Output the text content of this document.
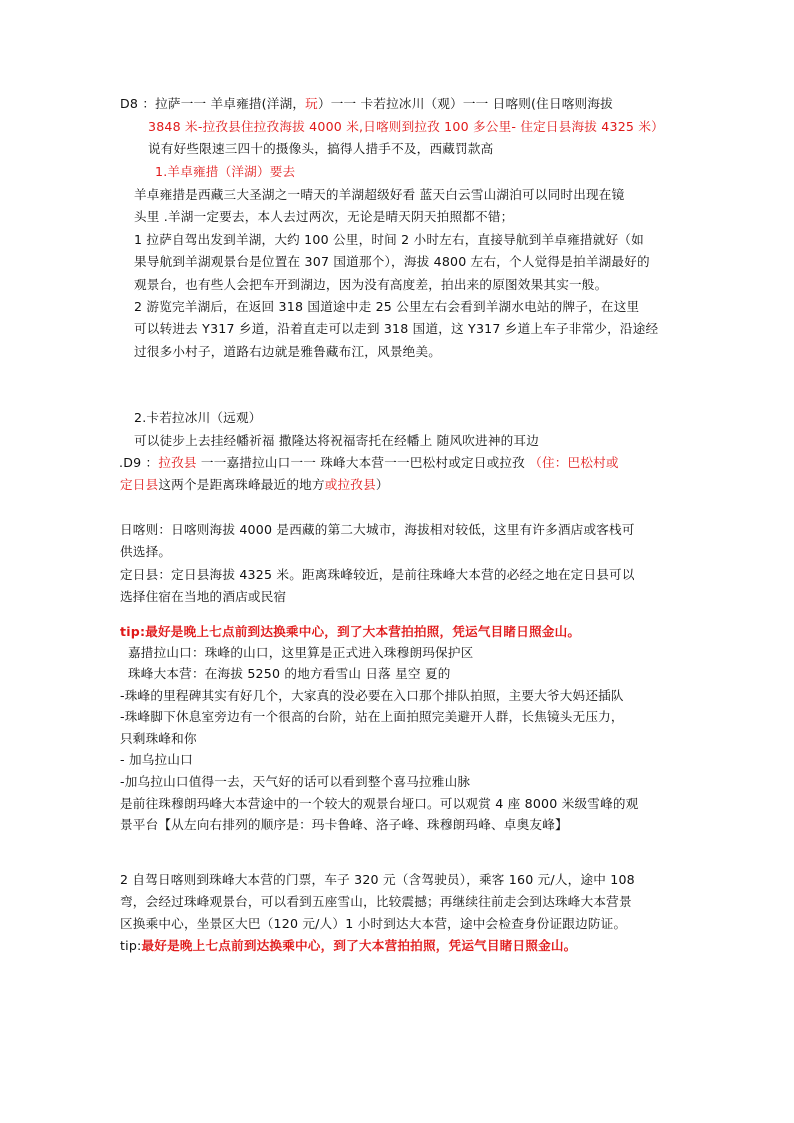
D8 ：拉萨一一 羊卓雍措(洋湖，玩）一一 卡若拉冰川（观）一一 日喀则(住日喀则海拔
3848 米-拉孜县住拉孜海拔 4000 米,日喀则到拉孜 100 多公里- 住定日县海拔 4325 米）
说有好些限速三四十的摄像头，搞得人措手不及，西藏罚款高
1.羊卓雍措（洋湖）要去
羊卓雍措是西藏三大圣湖之一晴天的羊湖超级好看 蓝天白云雪山湖泊可以同时出现在镜
头里 .羊湖一定要去，本人去过两次，无论是晴天阴天拍照都不错；
1 拉萨自驾出发到羊湖，大约 100 公里，时间 2 小时左右，直接导航到羊卓雍措就好（如
果导航到羊湖观景台是位置在 307 国道那个），海拔 4800 左右，个人觉得是拍羊湖最好的
观景台，也有些人会把车开到湖边，因为没有高度差，拍出来的原图效果其实一般。
2 游览完羊湖后，在返回 318 国道途中走 25 公里左右会看到羊湖水电站的牌子，在这里
可以转进去 Y317 乡道，沿着直走可以走到 318 国道，这 Y317 乡道上车子非常少，沿途经
过很多小村子，道路右边就是雅鲁藏布江，风景绝美。
2.卡若拉冰川（远观）
可以徒步上去挂经幡祈福 撒隆达将祝福寄托在经幡上 随风吹进神的耳边
.D9 ：拉孜县 一一嘉措拉山口一一 珠峰大本营一一巴松村或定日或拉孜 （住：巴松村或
定日县这两个是距离珠峰最近的地方或拉孜县）
日喀则：日喀则海拔 4000 是西藏的第二大城市，海拔相对较低，这里有许多酒店或客栈可
供选择。
定日县：定日县海拔 4325 米。距离珠峰较近，是前往珠峰大本营的必经之地在定日县可以
选择住宿在当地的酒店或民宿
tip:最好是晚上七点前到达换乘中心，到了大本营拍拍照，凭运气目睹日照金山。
嘉措拉山口：珠峰的山口，这里算是正式进入珠穆朗玛保护区
珠峰大本营：在海拔 5250 的地方看雪山 日落 星空 夏的
-珠峰的里程碑其实有好几个，大家真的没必要在入口那个排队拍照，主要大爷大妈还插队
-珠峰脚下休息室旁边有一个很高的台阶，站在上面拍照完美避开人群，长焦镜头无压力，
只剩珠峰和你
- 加乌拉山口
-加乌拉山口值得一去，天气好的话可以看到整个喜马拉雅山脉
是前往珠穆朗玛峰大本营途中的一个较大的观景台垭口。可以观赏 4 座 8000 米级雪峰的观
景平台【从左向右排列的顺序是：玛卡鲁峰、洛子峰、珠穆朗玛峰、卓奥友峰】
2 自驾日喀则到珠峰大本营的门票，车子 320 元（含驾驶员），乘客 160 元/人，途中 108
弯，会经过珠峰观景台，可以看到五座雪山，比较震撼；再继续往前走会到达珠峰大本营景
区换乘中心，坐景区大巴（120 元/人）1 小时到达大本营，途中会检查身份证跟边防证。
tip:最好是晚上七点前到达换乘中心，到了大本营拍拍照，凭运气目睹日照金山。
